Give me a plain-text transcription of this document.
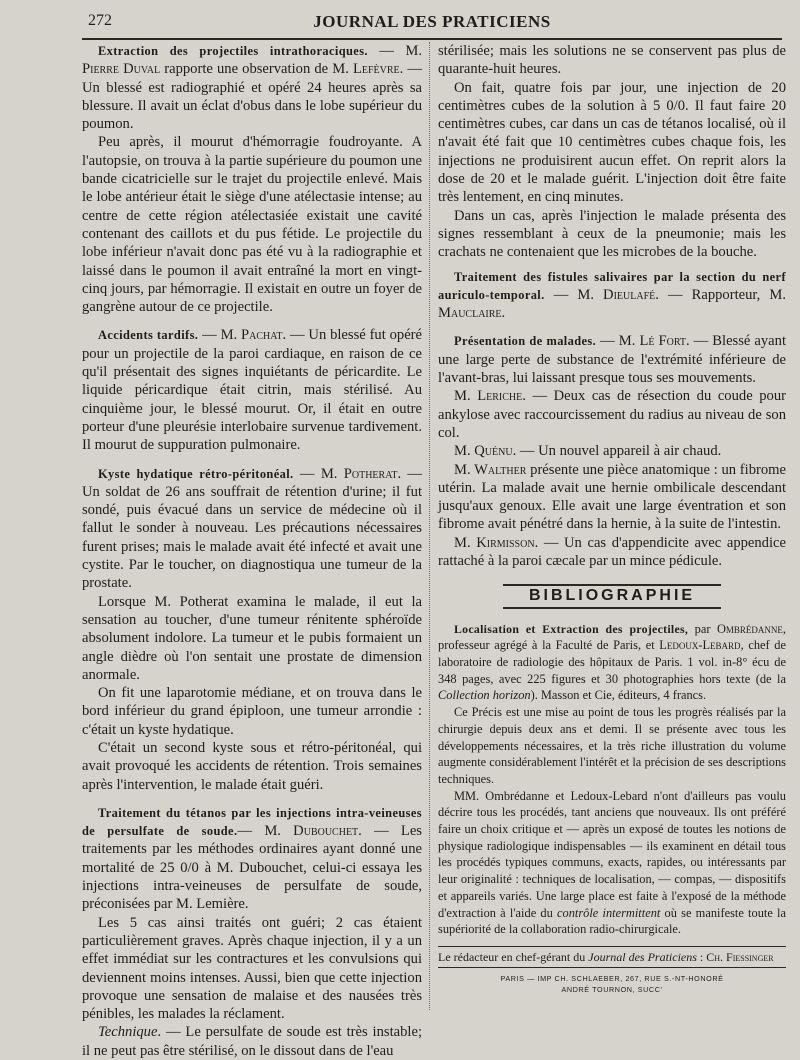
272	JOURNAL DES PRATICIENS

Extraction des projectiles intrathoraciques. — M. Pierre Duval rapporte une observation de M. Lefèvre. — Un blessé est radiographié et opéré 24 heures après sa blessure. Il avait un éclat d'obus dans le lobe supérieur du poumon.

Peu après, il mourut d'hémorragie foudroyante. A l'autopsie, on trouva à la partie supérieure du poumon une bande cicatricielle sur le trajet du projectile enlevé. Mais le lobe antérieur était le siège d'une atélectasie intense; au centre de cette région atélectasiée existait une cavité contenant des caillots et du pus fétide. Le projectile du lobe inférieur n'avait donc pas été vu à la radiographie et laissé dans le poumon il avait entraîné la mort en vingt-cinq jours, par hémorragie. Il existait en outre un foyer de gangrène autour de ce projectile.

Accidents tardifs. — M. Pachat. — Un blessé fut opéré pour un projectile de la paroi cardiaque, en raison de ce qu'il présentait des signes inquiétants de péricardite. Le liquide péricardique était citrin, mais stérilisé. Au cinquième jour, le blessé mourut. Or, il était en outre porteur d'une pleurésie interlobaire survenue tardivement. Il mourut de suppuration pulmonaire.

Kyste hydatique rétro-péritonéal. — M. Potherat. — Un soldat de 26 ans souffrait de rétention d'urine; il fut sondé, puis évacué dans un service de médecine où il fallut le sonder à nouveau. Les précautions nécessaires furent prises; mais le malade avait été infecté et avait une cystite. Par le toucher, on diagnostiqua une tumeur de la prostate.

Lorsque M. Potherat examina le malade, il eut la sensation au toucher, d'une tumeur rénitente sphéroïde absolument indolore. La tumeur et le pubis formaient un angle dièdre où l'on sentait une prostate de dimension anormale.

On fit une laparotomie médiane, et on trouva dans le bord inférieur du grand épiploon, une tumeur arrondie : c'était un kyste hydatique.

C'était un second kyste sous et rétro-péritonéal, qui avait provoqué les accidents de rétention. Trois semaines après l'intervention, le malade était guéri.

Traitement du tétanos par les injections intra-veineuses de persulfate de soude.— M. Dubouchet. — Les traitements par les méthodes ordinaires ayant donné une mortalité de 25 0/0 à M. Dubouchet, celui-ci essaya les injections intra-veineuses de persulfate de soude, préconisées par M. Lemière.

Les 5 cas ainsi traités ont guéri; 2 cas étaient particulièrement graves. Après chaque injection, il y a un effet immédiat sur les contractures et les convulsions qui deviennent moins intenses. Aussi, bien que cette injection provoque une sensation de malaise et des nausées très pénibles, les malades la réclament.

Technique. — Le persulfate de soude est très instable; il ne peut pas être stérilisé, on le dissout dans de l'eau

stérilisée; mais les solutions ne se conservent pas plus de quarante-huit heures.

On fait, quatre fois par jour, une injection de 20 centimètres cubes de la solution à 5 0/0. Il faut faire 20 centimètres cubes, car dans un cas de tétanos localisé, où il n'avait été fait que 10 centimètres cubes chaque fois, les injections ne produisirent aucun effet. On reprit alors la dose de 20 et le malade guérit. L'injection doit être faite très lentement, en cinq minutes.

Dans un cas, après l'injection le malade présenta des signes ressemblant à ceux de la pneumonie; mais les crachats ne contenaient que les microbes de la bouche.

Traitement des fistules salivaires par la section du nerf auriculo-temporal. — M. Dieulafé. — Rapporteur, M. Mauclaire.

Présentation de malades. — M. Lé Fort. — Blessé ayant une large perte de substance de l'extrémité inférieure de l'avant-bras, lui laissant presque tous ses mouvements.

M. Leriche. — Deux cas de résection du coude pour ankylose avec raccourcissement du radius au niveau de son col.

M. Quénu. — Un nouvel appareil à air chaud.

M. Walther présente une pièce anatomique : un fibrome utérin. La malade avait une hernie ombilicale descendant jusqu'aux genoux. Elle avait une large éventration et son fibrome avait pénétré dans la hernie, à la suite de l'intestin.

M. Kirmisson. — Un cas d'appendicite avec appendice rattaché à la paroi cæcale par un mince pédicule.

BIBLIOGRAPHIE

Localisation et Extraction des projectiles, par Ombrédanne, professeur agrégé à la Faculté de Paris, et Ledoux-Lebard, chef de laboratoire de radiologie des hôpitaux de Paris. 1 vol. in-8° écu de 348 pages, avec 225 figures et 30 photographies hors texte (de la Collection horizon). Masson et Cie, éditeurs, 4 francs.

Ce Précis est une mise au point de tous les progrès réalisés par la chirurgie depuis deux ans et demi. Il se présente avec tous les développements nécessaires, et la très riche illustration du volume augmente considérablement l'intérêt et la précision de ses descriptions techniques.

MM. Ombrédanne et Ledoux-Lebard n'ont d'ailleurs pas voulu décrire tous les procédés, tant anciens que nouveaux. Ils ont préféré faire un choix critique et — après un exposé de toutes les notions de physique radiologique indispensables — ils examinent en détail tous les procédés typiques communs, exacts, rapides, ou intéressants par leur originalité : techniques de localisation, — compas, — dispositifs et appareils variés. Une large place est faite à l'exposé de la méthode d'extraction à l'aide du contrôle intermittent où se manifeste toute la supériorité de la collaboration radio-chirurgicale.

Le rédacteur en chef-gérant du Journal des Praticiens : Ch. Fiessinger
PARIS — IMP CH. SCHLAEBER, 267, RUE S.-NT-HONORÉ
ANDRÉ TOURNON, SUCC'
